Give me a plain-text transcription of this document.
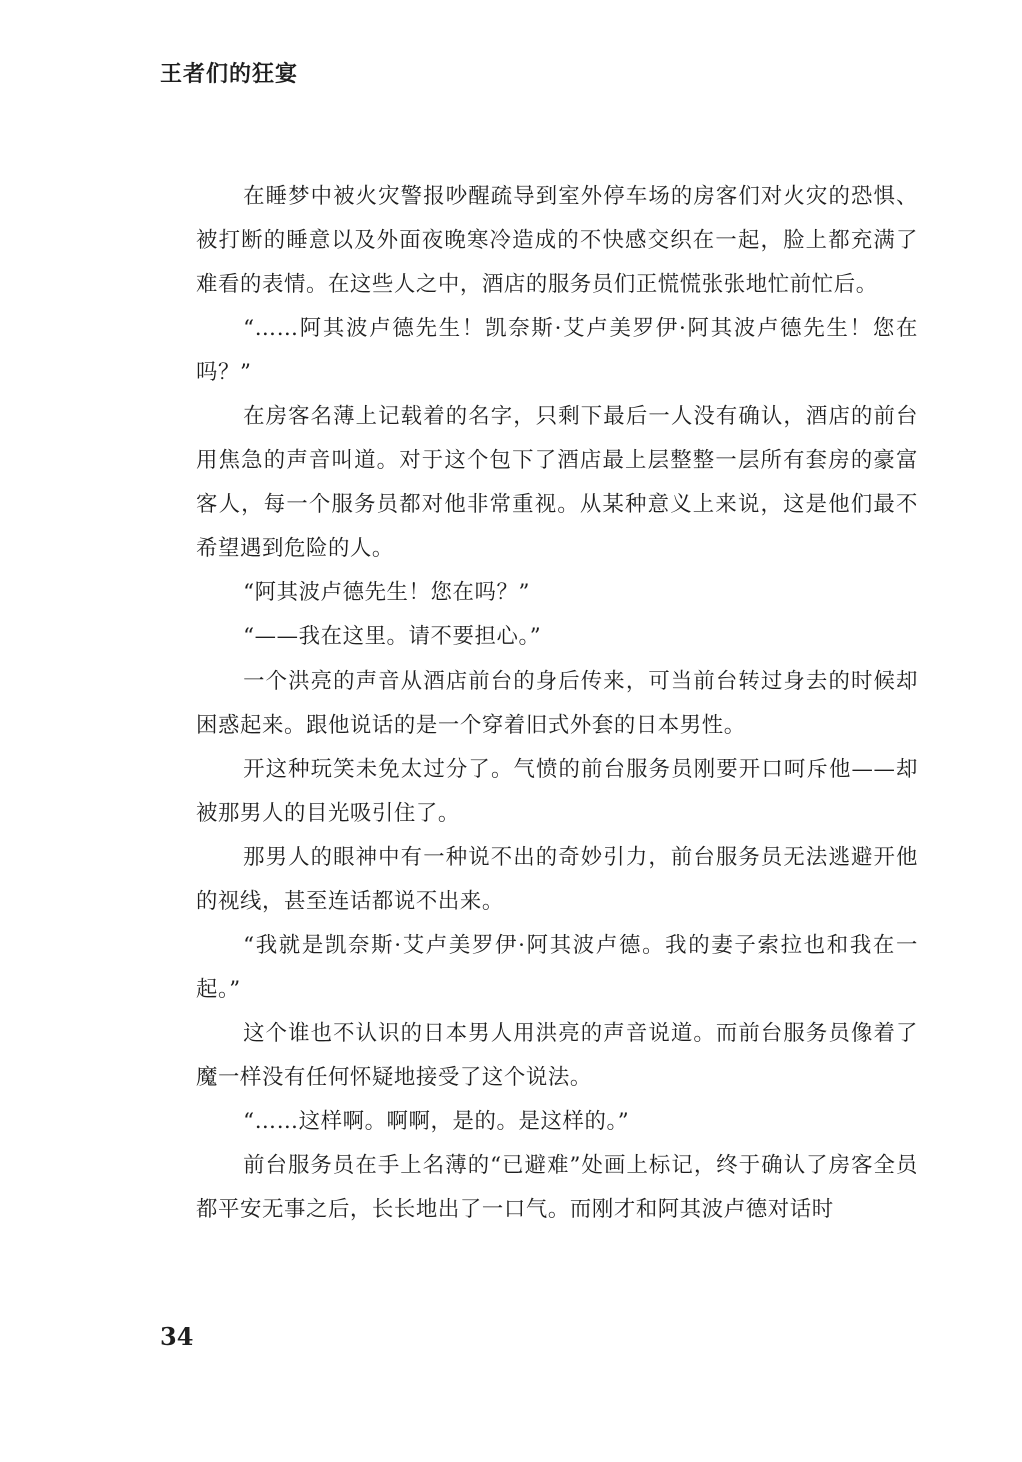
王者们的狂宴

在睡梦中被火灾警报吵醒疏导到室外停车场的房客们对火灾的恐惧、被打断的睡意以及外面夜晚寒冷造成的不快感交织在一起，脸上都充满了难看的表情。在这些人之中，酒店的服务员们正慌慌张张地忙前忙后。

“……阿其波卢德先生！凯奈斯·艾卢美罗伊·阿其波卢德先生！您在吗？”

在房客名薄上记载着的名字，只剩下最后一人没有确认，酒店的前台用焦急的声音叫道。对于这个包下了酒店最上层整整一层所有套房的豪富客人，每一个服务员都对他非常重视。从某种意义上来说，这是他们最不希望遇到危险的人。

“阿其波卢德先生！您在吗？”

“——我在这里。请不要担心。”

一个洪亮的声音从酒店前台的身后传来，可当前台转过身去的时候却困惑起来。跟他说话的是一个穿着旧式外套的日本男性。

开这种玩笑未免太过分了。气愤的前台服务员刚要开口呵斥他——却被那男人的目光吸引住了。

那男人的眼神中有一种说不出的奇妙引力，前台服务员无法逃避开他的视线，甚至连话都说不出来。

“我就是凯奈斯·艾卢美罗伊·阿其波卢德。我的妻子索拉也和我在一起。”

这个谁也不认识的日本男人用洪亮的声音说道。而前台服务员像着了魔一样没有任何怀疑地接受了这个说法。

“……这样啊。啊啊，是的。是这样的。”

前台服务员在手上名薄的“已避难”处画上标记，终于确认了房客全员都平安无事之后，长长地出了一口气。而刚才和阿其波卢德对话时

34
